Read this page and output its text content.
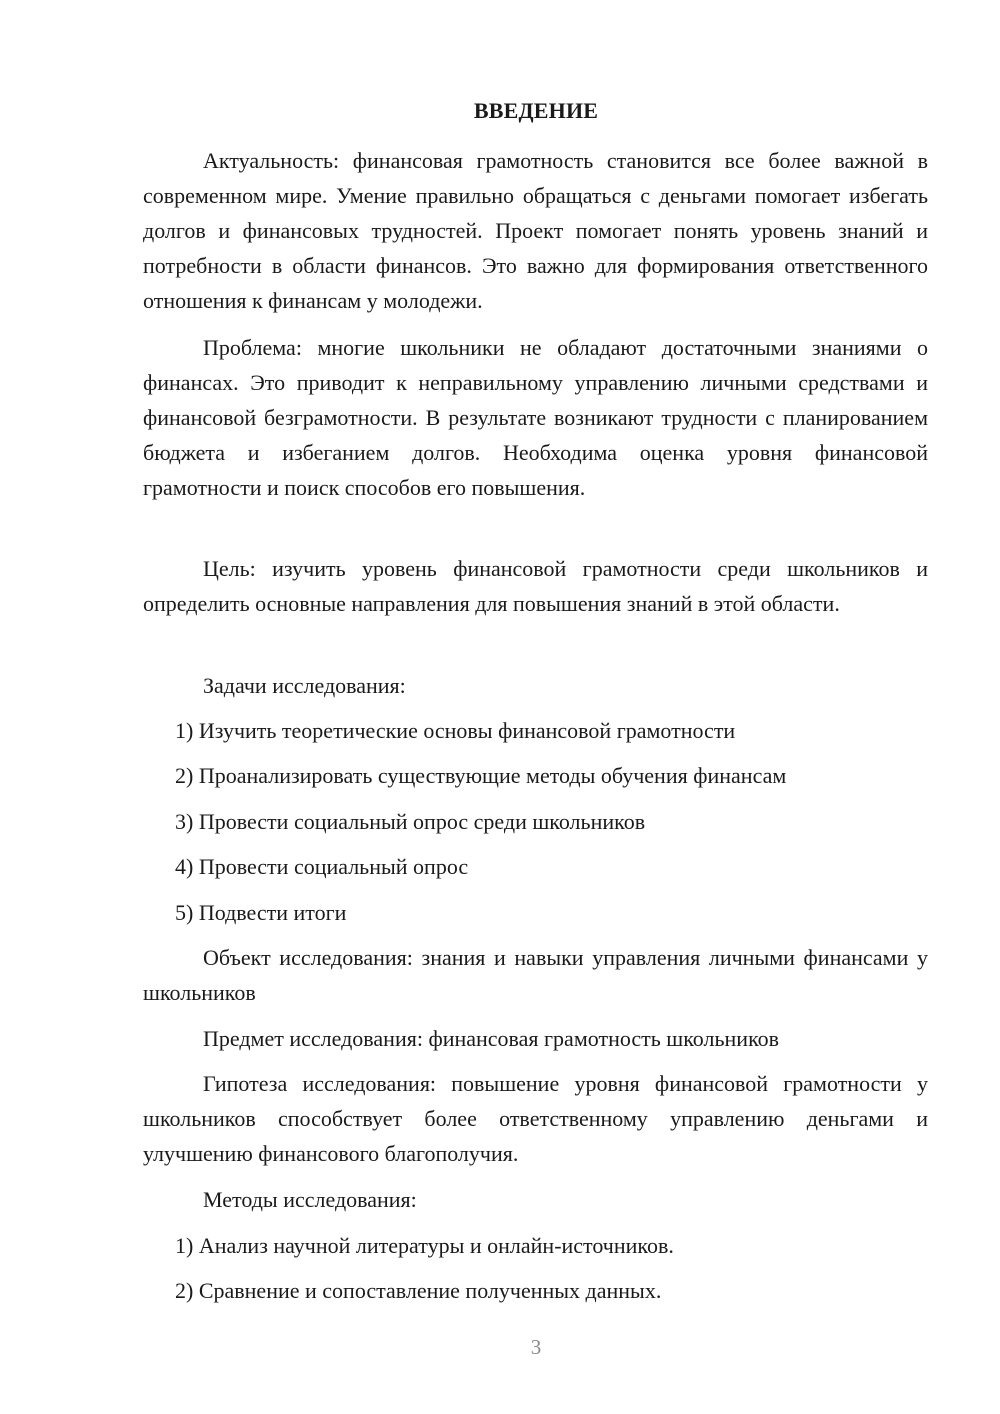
ВВЕДЕНИЕ

Актуальность: финансовая грамотность становится все более важной в современном мире. Умение правильно обращаться с деньгами помогает избегать долгов и финансовых трудностей. Проект помогает понять уровень знаний и потребности в области финансов. Это важно для формирования ответственного отношения к финансам у молодежи.

Проблема: многие школьники не обладают достаточными знаниями о финансах. Это приводит к неправильному управлению личными средствами и финансовой безграмотности. В результате возникают трудности с планированием бюджета и избеганием долгов. Необходима оценка уровня финансовой грамотности и поиск способов его повышения.

Цель: изучить уровень финансовой грамотности среди школьников и определить основные направления для повышения знаний в этой области.

Задачи исследования:

1) Изучить теоретические основы финансовой грамотности

2) Проанализировать существующие методы обучения финансам

3) Провести социальный опрос среди школьников

4) Провести социальный опрос

5) Подвести итоги

Объект исследования: знания и навыки управления личными финансами у школьников

Предмет исследования: финансовая грамотность школьников

Гипотеза исследования: повышение уровня финансовой грамотности у школьников способствует более ответственному управлению деньгами и улучшению финансового благополучия.

Методы исследования:

1) Анализ научной литературы и онлайн-источников.

2) Сравнение и сопоставление полученных данных.

3
